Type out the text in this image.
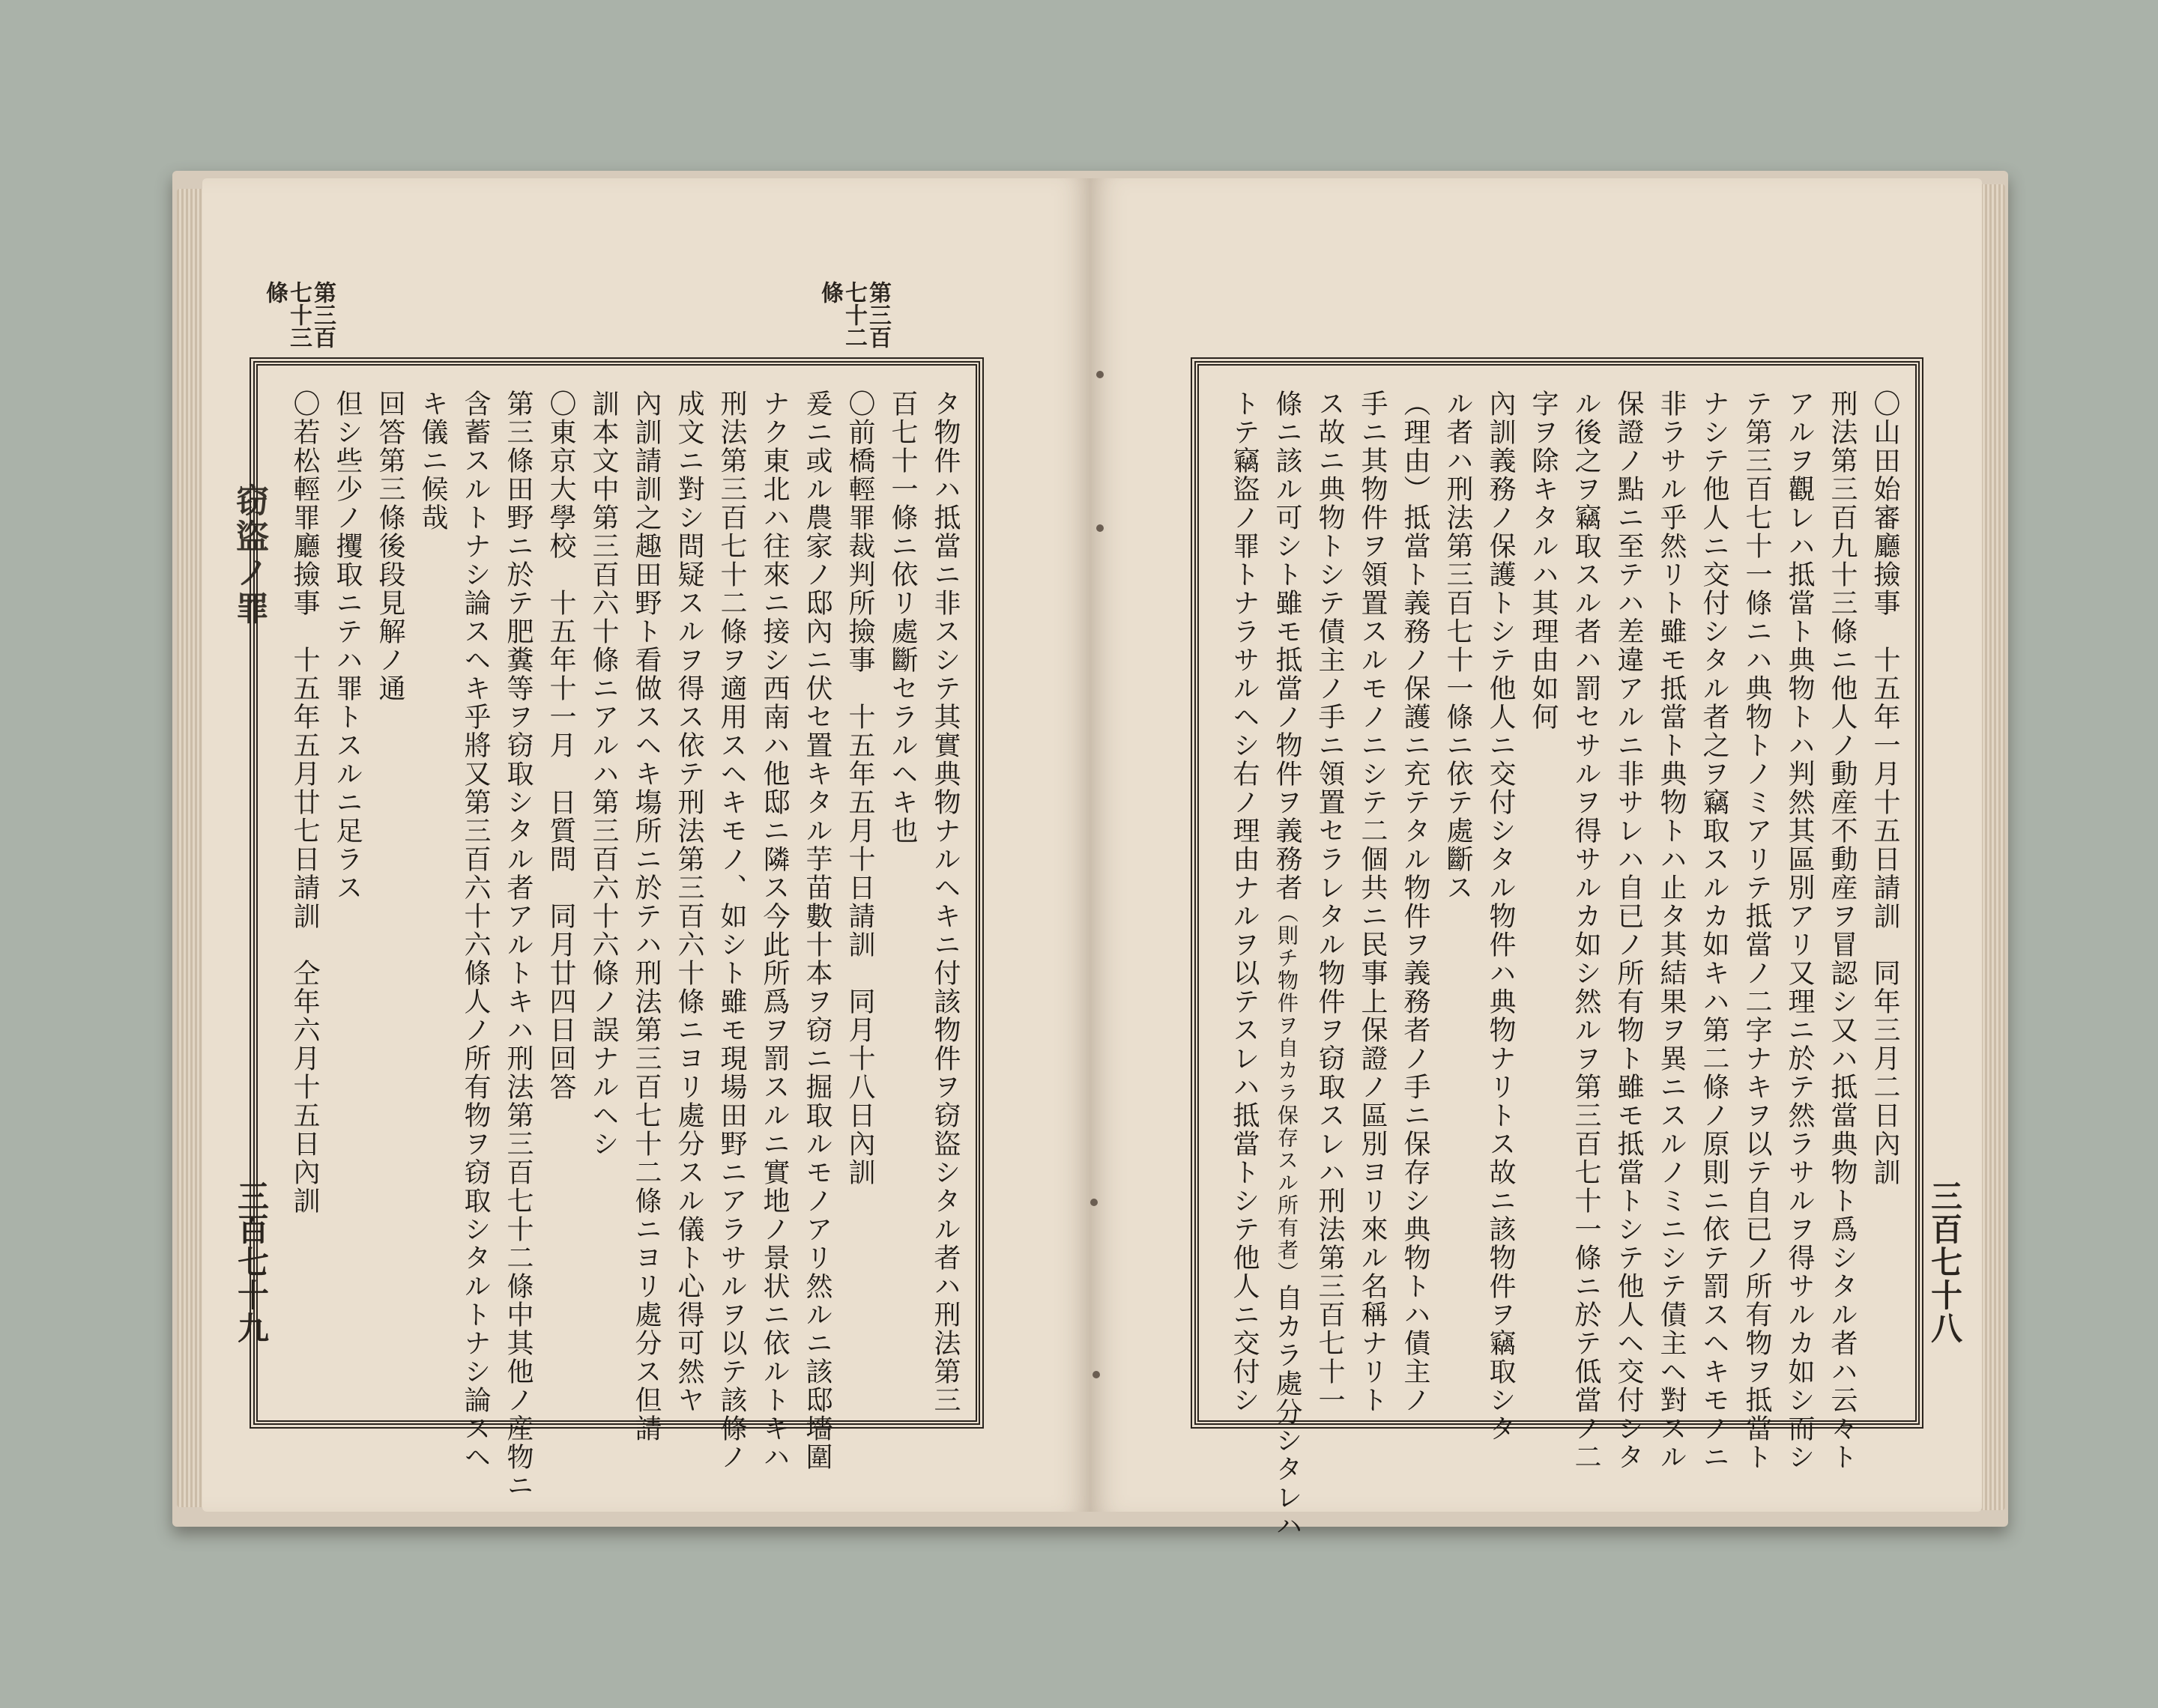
第三百七十三條	第三百七十二條
窃盜ノ罪
三百七十九	三百七十八
タ物件ハ抵當ニ非スシテ其實典物ナルヘキニ付該物件ヲ窃盜シタル者ハ刑法第三
百七十一條ニ依リ處斷セラルヘキ也
〇前橋輕罪裁判所撿事　十五年五月十日請訓　同月十八日內訓
爰ニ或ル農家ノ邸內ニ伏セ置キタル芋苗數十本ヲ窃ニ掘取ルモノアリ然ルニ該邸墻圍
ナク東北ハ往來ニ接シ西南ハ他邸ニ隣ス今此所爲ヲ罰スルニ實地ノ景状ニ依ルトキハ
刑法第三百七十二條ヲ適用スヘキモノ、如シト雖モ現場田野ニアラサルヲ以テ該條ノ
成文ニ對シ問疑スルヲ得ス依テ刑法第三百六十條ニヨリ處分スル儀ト心得可然ヤ
內訓請訓之趣田野ト看做スヘキ塲所ニ於テハ刑法第三百七十二條ニヨリ處分ス但請
訓本文中第三百六十條ニアルハ第三百六十六條ノ誤ナルヘシ
〇東京大學校　十五年十一月　日質問　同月廿四日回答
第三條田野ニ於テ肥糞等ヲ窃取シタル者アルトキハ刑法第三百七十二條中其他ノ産物ニ
含蓄スルトナシ論スヘキ乎將又第三百六十六條人ノ所有物ヲ窃取シタルトナシ論スヘ
キ儀ニ候哉
回答第三條後段見解ノ通
但シ些少ノ攫取ニテハ罪トスルニ足ラス
〇若松輕罪廳撿事　十五年五月廿七日請訓　仝年六月十五日內訓	〇山田始審廳撿事　十五年一月十五日請訓　同年三月二日內訓
刑法第三百九十三條ニ他人ノ動産不動産ヲ冒認シ又ハ抵當典物ト爲シタル者ハ云々ト
アルヲ觀レハ抵當ト典物トハ判然其區別アリ又理ニ於テ然ラサルヲ得サルカ如シ而シ
テ第三百七十一條ニハ典物トノミアリテ抵當ノ二字ナキヲ以テ自已ノ所有物ヲ抵當ト
ナシテ他人ニ交付シタル者之ヲ竊取スルカ如キハ第二條ノ原則ニ依テ罰スヘキモノニ
非ラサル乎然リト雖モ抵當ト典物トハ止タ其結果ヲ異ニスルノミニシテ債主ヘ對スル
保證ノ點ニ至テハ差違アルニ非サレハ自已ノ所有物ト雖モ抵當トシテ他人ヘ交付シタ
ル後之ヲ竊取スル者ハ罰セサルヲ得サルカ如シ然ルヲ第三百七十一條ニ於テ低當ノ二
字ヲ除キタルハ其理由如何
內訓義務ノ保護トシテ他人ニ交付シタル物件ハ典物ナリトス故ニ該物件ヲ竊取シタ
ル者ハ刑法第三百七十一條ニ依テ處斷ス
（理由）抵當ト義務ノ保護ニ充テタル物件ヲ義務者ノ手ニ保存シ典物トハ債主ノ
手ニ其物件ヲ領置スルモノニシテ二個共ニ民事上保證ノ區別ヨリ來ル名稱ナリト
ス故ニ典物トシテ債主ノ手ニ領置セラレタル物件ヲ窃取スレハ刑法第三百七十一
條ニ該ル可シト雖モ抵當ノ物件ヲ義務者（則チ物件ヲ自カラ保存スル所有者）自カラ處分シタレハ
トテ竊盜ノ罪トナラサルヘシ右ノ理由ナルヲ以テスレハ抵當トシテ他人ニ交付シ
